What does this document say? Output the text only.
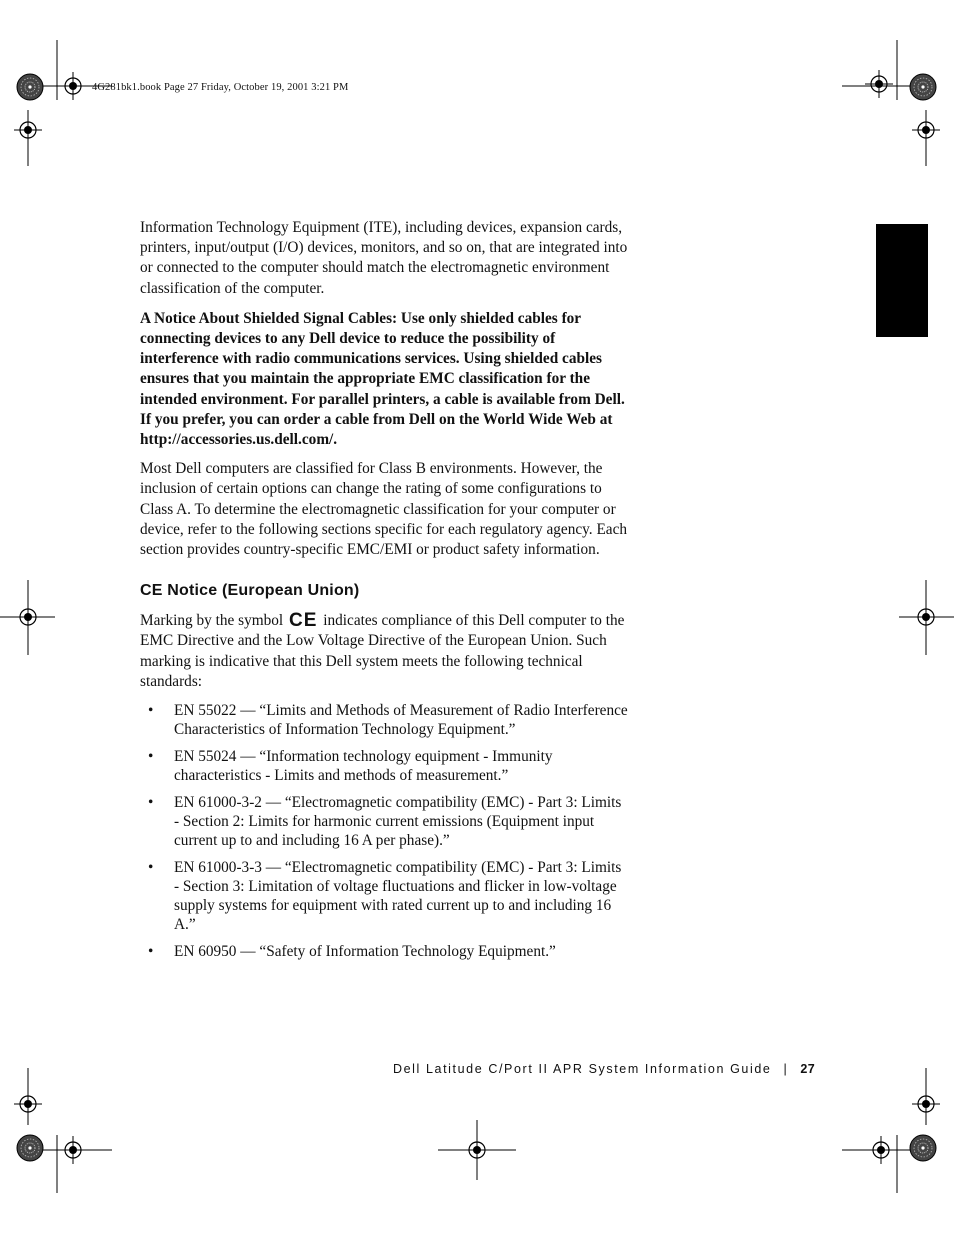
4G281bk1.book Page 27 Friday, October 19, 2001 3:21 PM

Information Technology Equipment (ITE), including devices, expansion cards, printers, input/output (I/O) devices, monitors, and so on, that are integrated into or connected to the computer should match the electromagnetic environment classification of the computer.

A Notice About Shielded Signal Cables: Use only shielded cables for connecting devices to any Dell device to reduce the possibility of interference with radio communications services. Using shielded cables ensures that you maintain the appropriate EMC classification for the intended environment. For parallel printers, a cable is available from Dell. If you prefer, you can order a cable from Dell on the World Wide Web at http://accessories.us.dell.com/.

Most Dell computers are classified for Class B environments. However, the inclusion of certain options can change the rating of some configurations to Class A. To determine the electromagnetic classification for your computer or device, refer to the following sections specific for each regulatory agency. Each section provides country-specific EMC/EMI or product safety information.

CE Notice (European Union)

Marking by the symbol CE indicates compliance of this Dell computer to the EMC Directive and the Low Voltage Directive of the European Union. Such marking is indicative that this Dell system meets the following technical standards:

• EN 55022 — “Limits and Methods of Measurement of Radio Interference Characteristics of Information Technology Equipment.”
• EN 55024 — “Information technology equipment - Immunity characteristics - Limits and methods of measurement.”
• EN 61000-3-2 — “Electromagnetic compatibility (EMC) - Part 3: Limits - Section 2: Limits for harmonic current emissions (Equipment input current up to and including 16 A per phase).”
• EN 61000-3-3 — “Electromagnetic compatibility (EMC) - Part 3: Limits - Section 3: Limitation of voltage fluctuations and flicker in low-voltage supply systems for equipment with rated current up to and including 16 A.”
• EN 60950 — “Safety of Information Technology Equipment.”
Dell Latitude C/Port II APR System Information Guide | 27
